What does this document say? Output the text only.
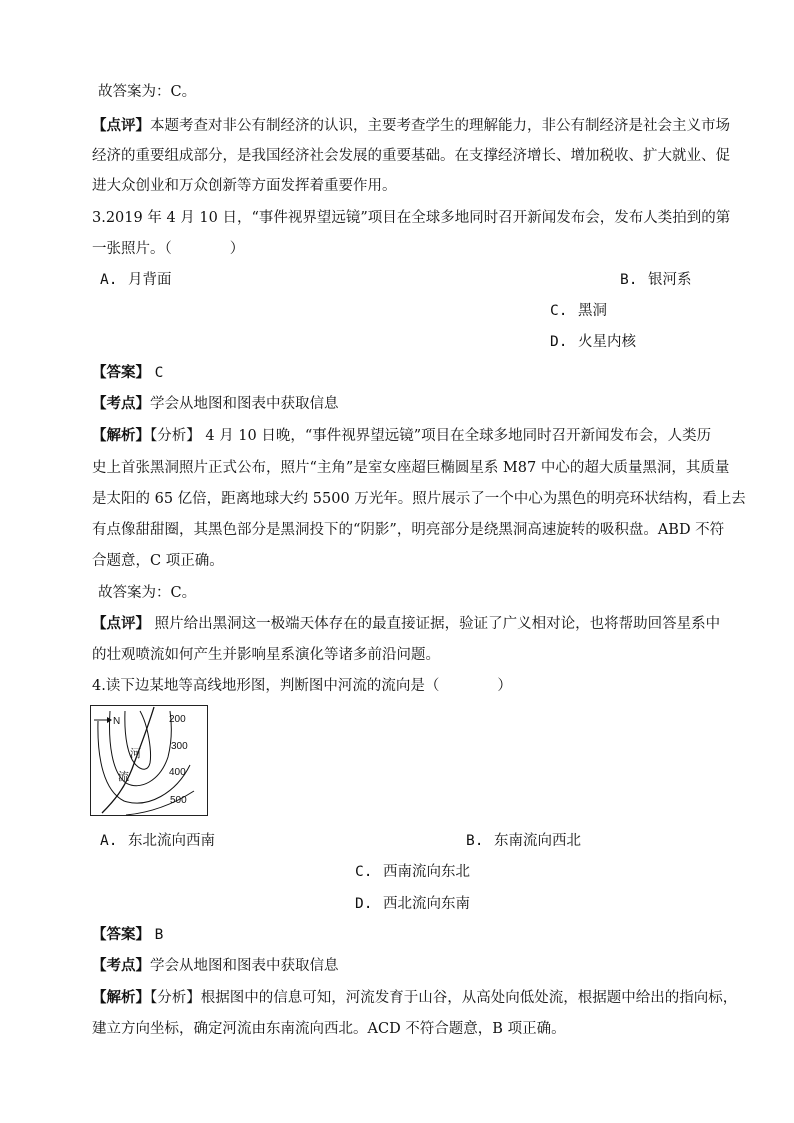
故答案为：C。
【点评】本题考查对非公有制经济的认识，主要考查学生的理解能力，非公有制经济是社会主义市场
经济的重要组成部分，是我国经济社会发展的重要基础。在支撑经济增长、增加税收、扩大就业、促
进大众创业和万众创新等方面发挥着重要作用。
3.2019 年 4 月 10 日，“事件视界望远镜”项目在全球多地同时召开新闻发布会，发布人类拍到的第
一张照片。（　　　　）
A. 月背面	B. 银河系
C. 黑洞
D. 火星内核
【答案】 C
【考点】学会从地图和图表中获取信息
【解析】【分析】 4 月 10 日晚，“事件视界望远镜”项目在全球多地同时召开新闻发布会，人类历
史上首张黑洞照片正式公布，照片“主角”是室女座超巨椭圆星系 M87 中心的超大质量黑洞，其质量
是太阳的 65 亿倍，距离地球大约 5500 万光年。照片展示了一个中心为黑色的明亮环状结构，看上去
有点像甜甜圈，其黑色部分是黑洞投下的“阴影”，明亮部分是绕黑洞高速旋转的吸积盘。ABD 不符
合题意，C 项正确。
故答案为：C。
【点评】 照片给出黑洞这一极端天体存在的最直接证据，验证了广义相对论，也将帮助回答星系中
的壮观喷流如何产生并影响星系演化等诸多前沿问题。
4.读下边某地等高线地形图，判断图中河流的流向是（　　　　）
N	200
300
400
500
河
流
A. 东北流向西南	B. 东南流向西北
C. 西南流向东北
D. 西北流向东南
【答案】 B
【考点】学会从地图和图表中获取信息
【解析】【分析】根据图中的信息可知，河流发育于山谷，从高处向低处流，根据题中给出的指向标，
建立方向坐标，确定河流由东南流向西北。ACD 不符合题意，B 项正确。
